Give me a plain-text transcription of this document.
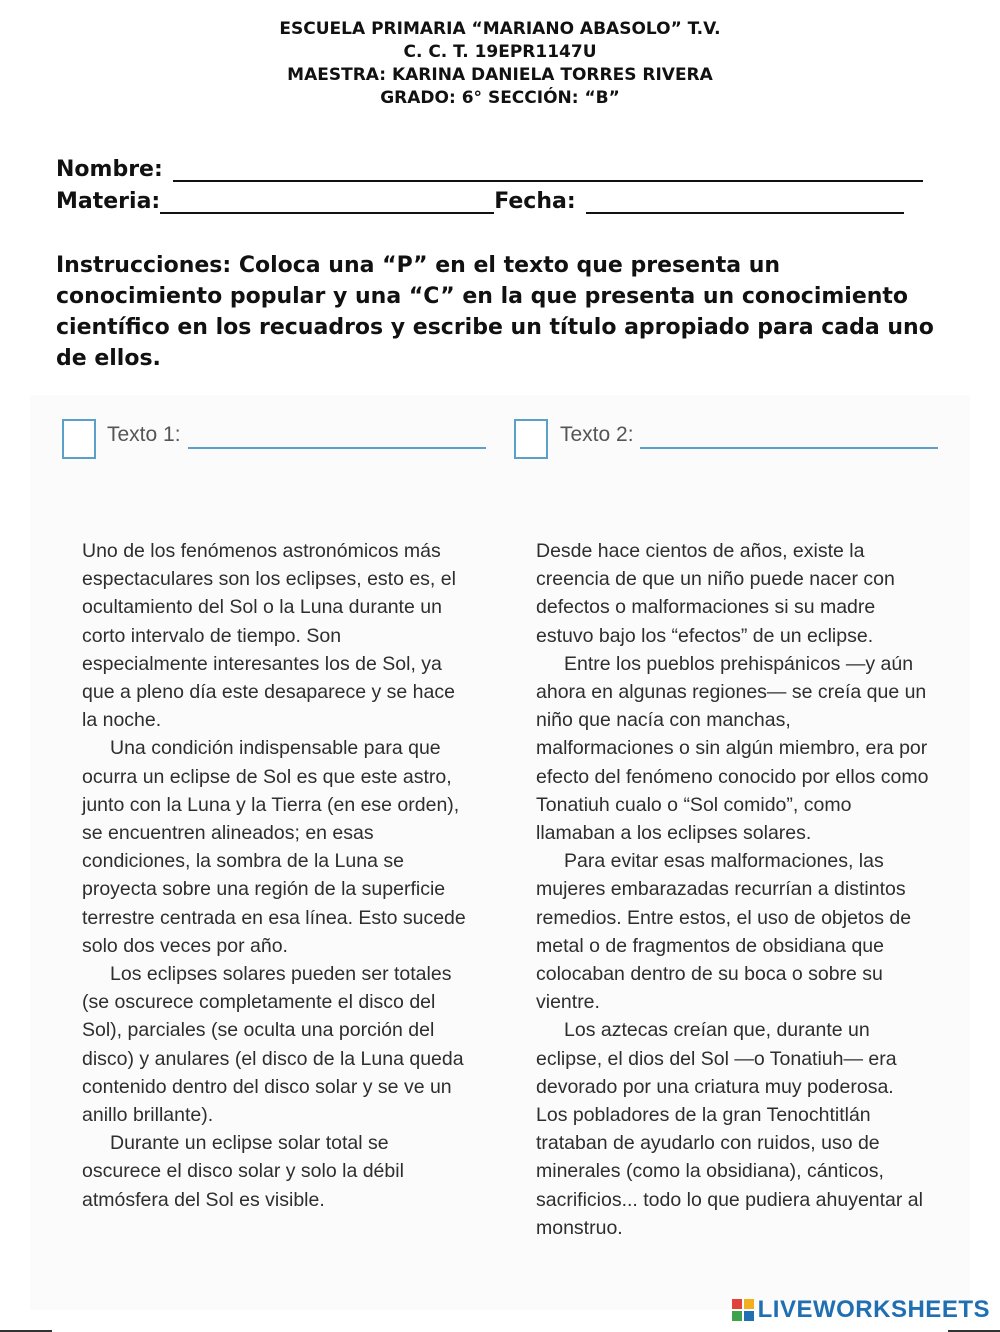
ESCUELA PRIMARIA “MARIANO ABASOLO” T.V.
C. C. T. 19EPR1147U
MAESTRA: KARINA DANIELA TORRES RIVERA
GRADO: 6° SECCIÓN: “B”
Nombre:
Materia:	Fecha:
Instrucciones: Coloca una “P” en el texto que presenta un conocimiento popular y una “C” en la que presenta un conocimiento científico en los recuadros y escribe un título apropiado para cada uno de ellos.
Texto 1:	Texto 2:

Uno de los fenómenos astronómicos más espectaculares son los eclipses, esto es, el ocultamiento del Sol o la Luna durante un corto intervalo de tiempo. Son especialmente interesantes los de Sol, ya que a pleno día este desaparece y se hace la noche.

Una condición indispensable para que ocurra un eclipse de Sol es que este astro, junto con la Luna y la Tierra (en ese orden), se encuentren alineados; en esas condiciones, la sombra de la Luna se proyecta sobre una región de la superficie terrestre centrada en esa línea. Esto sucede solo dos veces por año.

Los eclipses solares pueden ser totales (se oscurece completamente el disco del Sol), parciales (se oculta una porción del disco) y anulares (el disco de la Luna queda contenido dentro del disco solar y se ve un anillo brillante).

Durante un eclipse solar total se oscurece el disco solar y solo la débil atmósfera del Sol es visible.

Desde hace cientos de años, existe la creencia de que un niño puede nacer con defectos o malformaciones si su madre estuvo bajo los “efectos” de un eclipse.

Entre los pueblos prehispánicos —y aún ahora en algunas regiones— se creía que un niño que nacía con manchas, malformaciones o sin algún miembro, era por efecto del fenómeno conocido por ellos como Tonatiuh cualo o “Sol comido”, como llamaban a los eclipses solares.

Para evitar esas malformaciones, las mujeres embarazadas recurrían a distintos remedios. Entre estos, el uso de objetos de metal o de fragmentos de obsidiana que colocaban dentro de su boca o sobre su vientre.

Los aztecas creían que, durante un eclipse, el dios del Sol —o Tonatiuh— era devorado por una criatura muy poderosa. Los pobladores de la gran Tenochtitlán trataban de ayudarlo con ruidos, uso de minerales (como la obsidiana), cánticos, sacrificios... todo lo que pudiera ahuyentar al monstruo.

LIVEWORKSHEETS
